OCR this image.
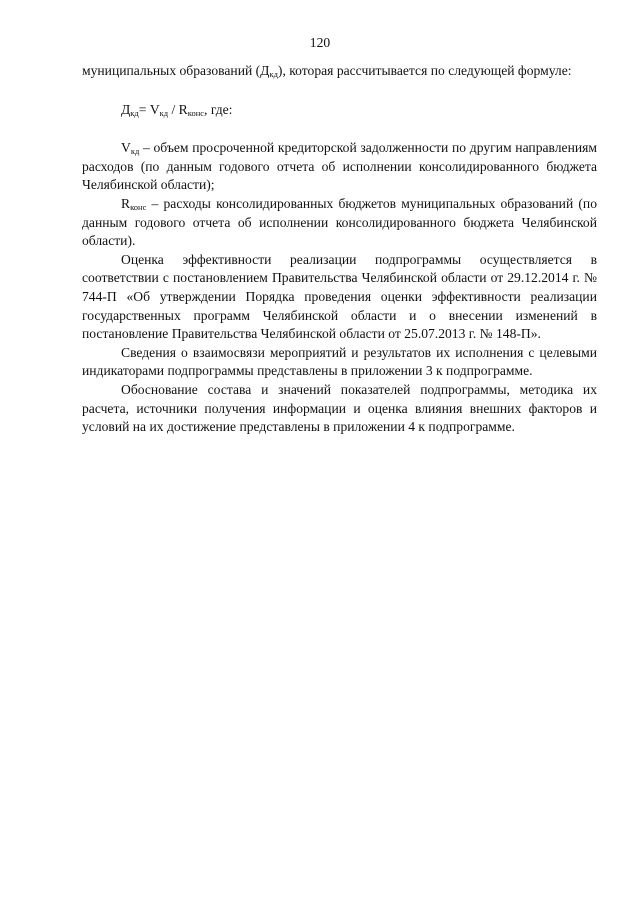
120

муниципальных образований $(Д_{кд})$, которая рассчитывается по следующей формуле:

$Д_{кд}= V_{кд} / R_{конс}$, где:

$V_{кд}$ – объем просроченной кредиторской задолженности по другим направлениям расходов (по данным годового отчета об исполнении консолидированного бюджета Челябинской области);

$R_{конс}$ – расходы консолидированных бюджетов муниципальных образований (по данным годового отчета об исполнении консолидированного бюджета Челябинской области).

Оценка эффективности реализации подпрограммы осуществляется в соответствии с постановлением Правительства Челябинской области от 29.12.2014 г. № 744-П «Об утверждении Порядка проведения оценки эффективности реализации государственных программ Челябинской области и о внесении изменений в постановление Правительства Челябинской области от 25.07.2013 г. № 148-П».

Сведения о взаимосвязи мероприятий и результатов их исполнения с целевыми индикаторами подпрограммы представлены в приложении 3 к подпрограмме.

Обоснование состава и значений показателей подпрограммы, методика их расчета, источники получения информации и оценка влияния внешних факторов и условий на их достижение представлены в приложении 4 к подпрограмме.
